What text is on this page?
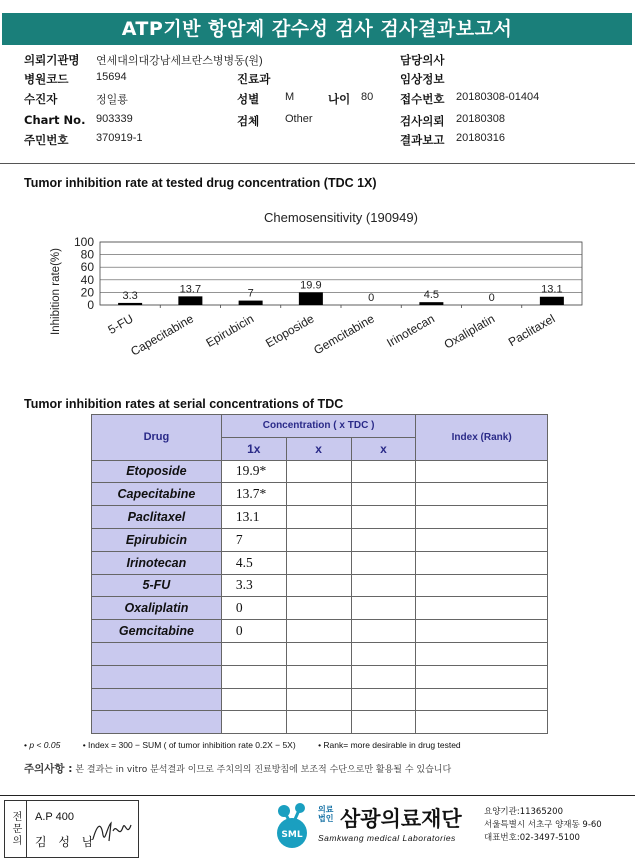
ATP기반 항암제 감수성 검사 검사결과보고서
의뢰기관명 연세대의대강남세브란스병병동(원)	담당의사
병원코드	15694	진료과	임상정보
수진자	정일룡	성별 M	나이 80 접수번호 20180308-01404
Chart No. 903339	검체 Other	검사의뢰 20180308
주민번호	370919-1	결과보고 20180316
Tumor inhibition rate at tested drug concentration (TDC 1X)
Chemosensitivity (190949)
Inhibition rate(%) 0
20
40
60
80
100
3.3
5-FU
13.7
Capecitabine
7
Epirubicin
19.9
Etoposide
0
Gemcitabine
4.5
Irinotecan
0
Oxaliplatin
13.1
Paclitaxel
Tumor inhibition rates at serial concentrations of TDC
Drug	Concentration ( x TDC )			Index (Rank)
	1x	x	x	
Etoposide	19.9*			
Capecitabine	13.7*			
Paclitaxel	13.1			
Epirubicin	7			
Irinotecan	4.5			
5-FU	3.3			
Oxaliplatin	0			
Gemcitabine	0			

• p < 0.05	• Index = 300 − SUM ( of tumor inhibition rate 0.2X − 5X)	• Rank= more desirable in drug tested
주의사항 : 본 결과는 in vitro 분석결과 이므로 주치의의 진료방침에 보조적 수단으로만 활용될 수 있습니다
전문의	A.P 400
김 성 남	SML
의료 법인 삼광의료재단
Samkwang medical Laboratories
요양기관:11365200
서울특별시 서초구 양재동 9-60
대표번호:02-3497-5100
